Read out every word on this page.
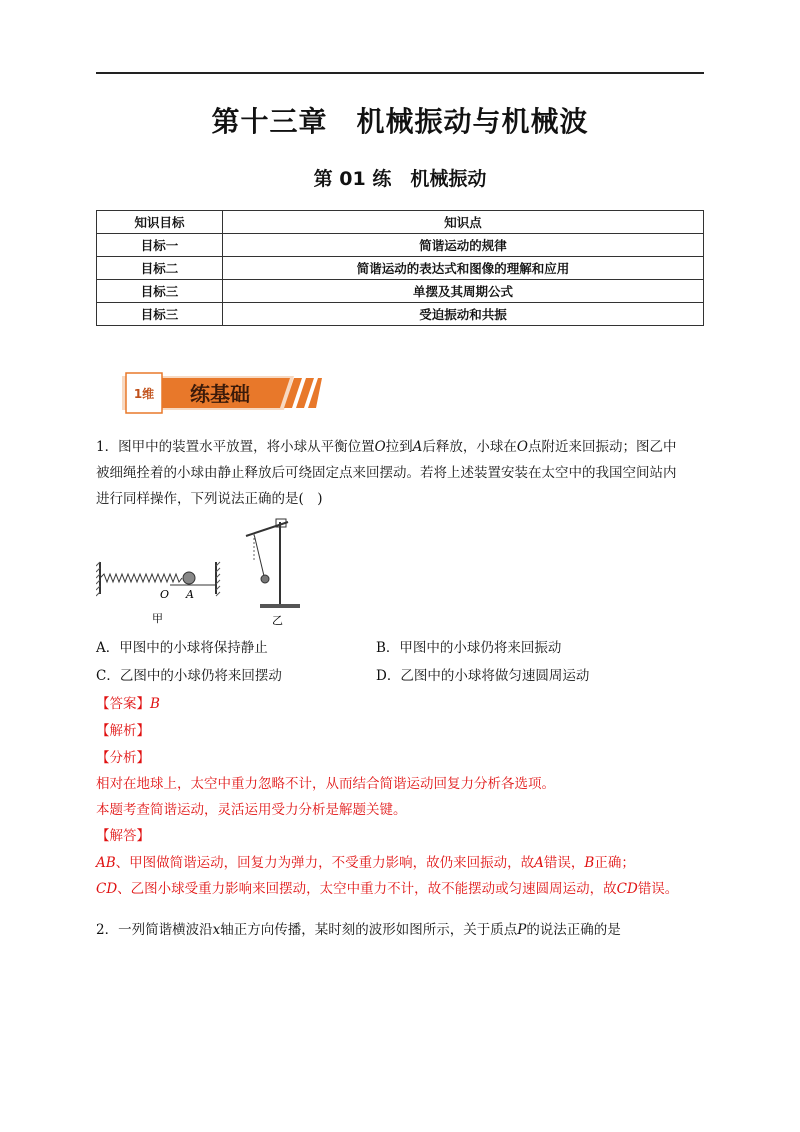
第十三章　机械振动与机械波
第 01 练　机械振动
知识目标	知识点
目标一	简谐运动的规律
目标二	简谐运动的表达式和图像的理解和应用
目标三	单摆及其周期公式
目标三	受迫振动和共振
1维 练基础
1．图甲中的装置水平放置，将小球从平衡位置O拉到A后释放，小球在O点附近来回振动；图乙中
被细绳拴着的小球由静止释放后可绕固定点来回摆动。若将上述装置安装在太空中的我国空间站内
进行同样操作，下列说法正确的是(　)
O A
甲	乙
A．甲图中的小球将保持静止	B．甲图中的小球仍将来回振动
C．乙图中的小球仍将来回摆动	D．乙图中的小球将做匀速圆周运动
【答案】B
【解析】
【分析】
相对在地球上，太空中重力忽略不计，从而结合简谐运动回复力分析各选项。
本题考查简谐运动，灵活运用受力分析是解题关键。
【解答】
AB、甲图做简谐运动，回复力为弹力，不受重力影响，故仍来回振动，故A错误，B正确；
CD、乙图小球受重力影响来回摆动，太空中重力不计，故不能摆动或匀速圆周运动，故CD错误。
2．一列简谐横波沿x轴正方向传播，某时刻的波形如图所示，关于质点P的说法正确的是
